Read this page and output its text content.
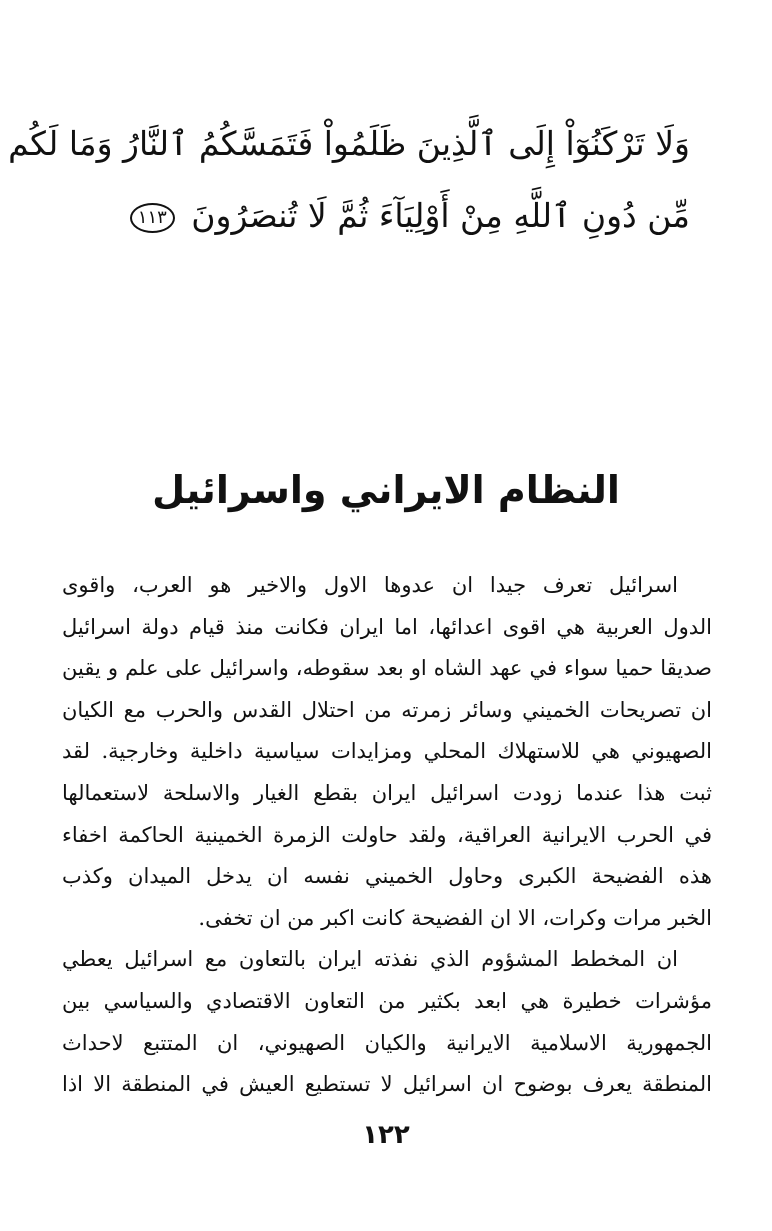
وَلَا تَرْكَنُوٓاْ إِلَى ٱلَّذِينَ ظَلَمُواْ فَتَمَسَّكُمُ ٱلنَّارُ وَمَا لَكُم
مِّن دُونِ ٱللَّهِ مِنْ أَوْلِيَآءَ ثُمَّ لَا تُنصَرُونَ ١١٣
النظام الايراني واسرائيل
اسرائيل تعرف جيدا ان عدوها الاول والاخير هو العرب، واقوى
الدول العربية هي اقوى اعدائها، اما ايران فكانت منذ قيام دولة اسرائيل
صديقا حميا سواء في عهد الشاه او بعد سقوطه، واسرائيل على علم و يقين
ان تصريحات الخميني وسائر زمرته من احتلال القدس والحرب مع الكيان
الصهيوني هي للاستهلاك المحلي ومزايدات سياسية داخلية وخارجية. لقد
ثبت هذا عندما زودت اسرائيل ايران بقطع الغيار والاسلحة لاستعمالها
في الحرب الايرانية العراقية، ولقد حاولت الزمرة الخمينية الحاكمة اخفاء
هذه الفضيحة الكبرى وحاول الخميني نفسه ان يدخل الميدان وكذب
الخبر مرات وكرات، الا ان الفضيحة كانت اكبر من ان تخفى.
ان المخطط المشؤوم الذي نفذته ايران بالتعاون مع اسرائيل يعطي
مؤشرات خطيرة هي ابعد بكثير من التعاون الاقتصادي والسياسي بين
الجمهورية الاسلامية الايرانية والكيان الصهيوني، ان المتتبع لاحداث
المنطقة يعرف بوضوح ان اسرائيل لا تستطيع العيش في المنطقة الا اذا
١٢٢
